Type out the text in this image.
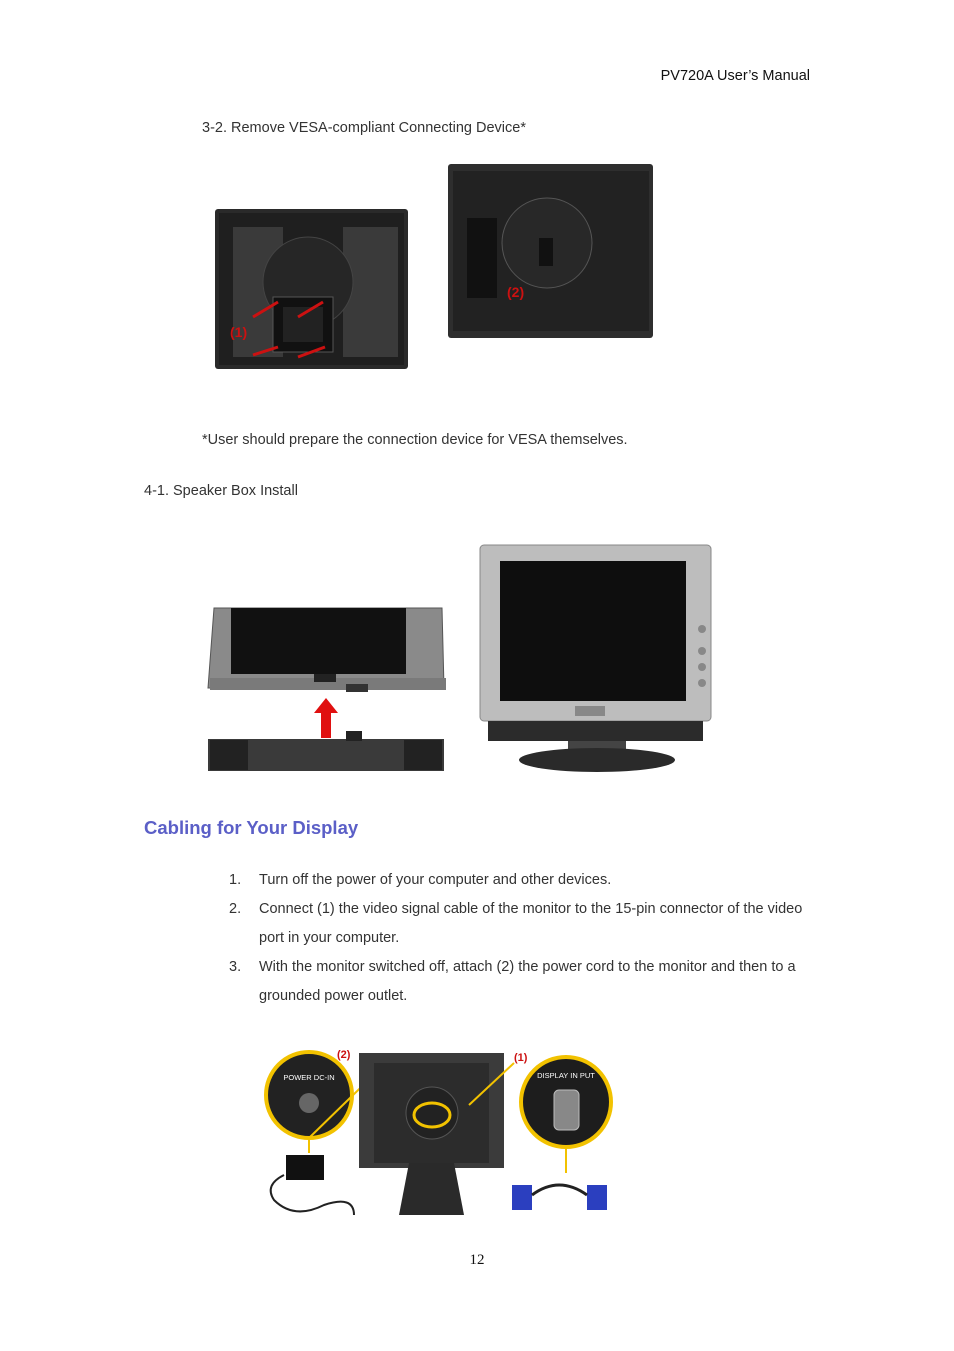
PV720A User’s Manual
3-2. Remove VESA-compliant Connecting Device*
(1)
(2)
*User should prepare the connection device for VESA themselves.
4-1. Speaker Box Install
Cabling for Your Display
1.	Turn off the power of your computer and other devices.
2.	Connect (1) the video signal cable of the monitor to the 15-pin connector of the video port in your computer.
3.	With the monitor switched off, attach (2) the power cord to the monitor and then to a grounded power outlet.
POWER DC-IN
(2)	(1)
DISPLAY IN PUT
12
